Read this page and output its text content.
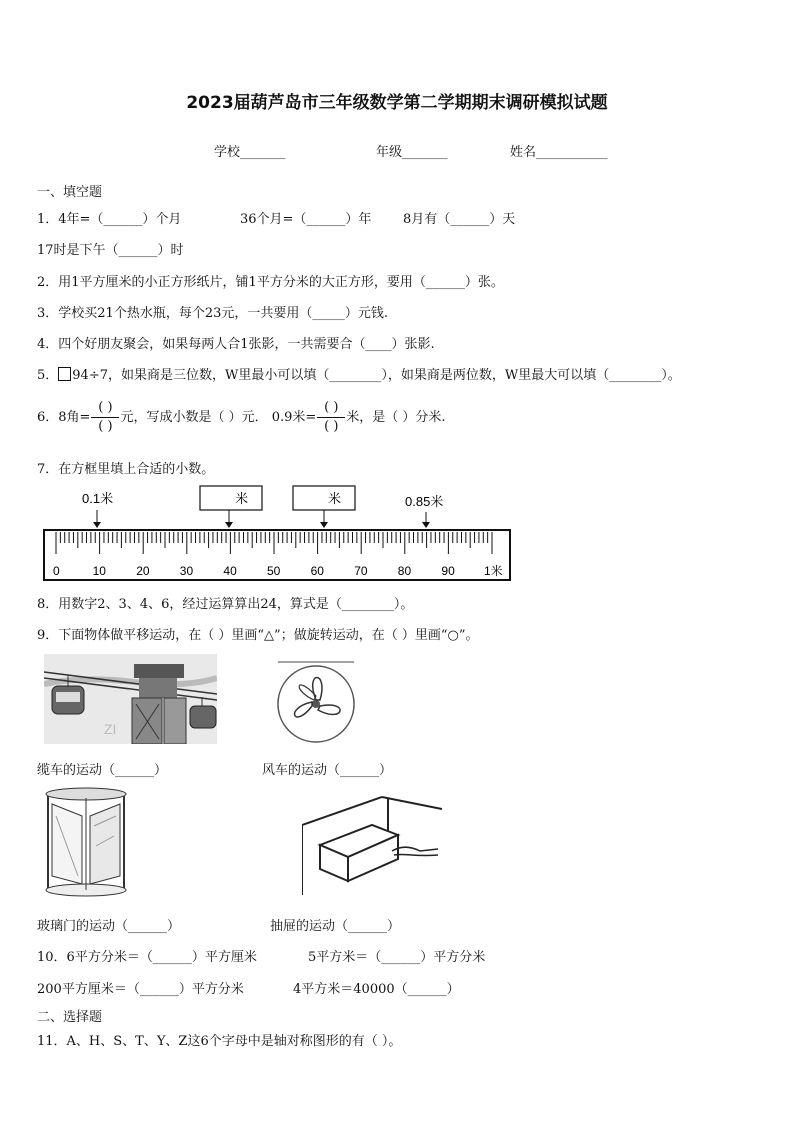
2023届葫芦岛市三年级数学第二学期期末调研模拟试题
学校_______	年级_______	姓名___________
一、填空题
1．4年=（______）个月	36个月=（______）年 8月有（______）天
17时是下午（______）时
2．用1平方厘米的小正方形纸片，铺1平方分米的大正方形，要用（______）张。
3．学校买21个热水瓶，每个23元，一共要用（_____）元钱.
4．四个好朋友聚会，如果每两人合1张影，一共需要合（____）张影.
5． 94÷7，如果商是三位数，W里最小可以填（________），如果商是两位数，W里最大可以填（________）。
6．8角= $\frac{( )}{( )}$ 元，写成小数是（ ）元． 0.9米= $\frac{( )}{( )}$ 米，是（ ）分米.
7．在方框里填上合适的小数。
0.1米	米	米	0.85米
0	10	20	30	40	50	60	70	80	90 1米
8．用数字2、3、4、6，经过运算算出24，算式是（________）。
9．下面物体做平移运动，在（ ）里画“△”；做旋转运动，在（ ）里画“○”。
ZI
缆车的运动（______）	风车的运动（______）
玻璃门的运动（______）	抽屉的运动（______）
10．6平方分米＝（______）平方厘米	5平方米＝（______）平方分米
200平方厘米＝（______）平方分米	4平方米＝40000（______）
二、选择题
11．A、H、S、T、Y、Z这6个字母中是轴对称图形的有（ ）。
